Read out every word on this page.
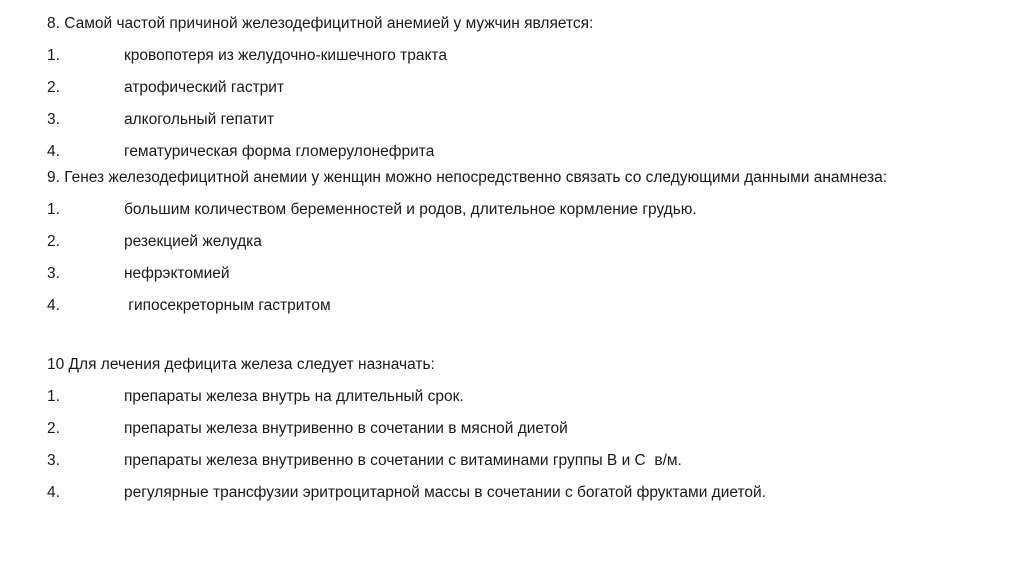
8. Самой частой причиной железодефицитной анемией у мужчин является:

1.	кровопотеря из желудочно-кишечного тракта
2.	атрофический гастрит
3.	алкогольный гепатит
4.	гематурическая форма гломерулонефрита

9. Генез железодефицитной анемии у женщин можно непосредственно связать со следующими данными анамнеза:

1.	большим количеством беременностей и родов, длительное кормление грудью.
2.	резекцией желудка
3.	нефрэктомией
4.	гипосекреторным гастритом

10 Для лечения дефицита железа следует назначать:

1.	препараты железа внутрь на длительный срок.
2.	препараты железа внутривенно в сочетании в мясной диетой
3.	препараты железа внутривенно в сочетании с витаминами группы В и С  в/м.
4.	регулярные трансфузии эритроцитарной массы в сочетании с богатой фруктами диетой.
